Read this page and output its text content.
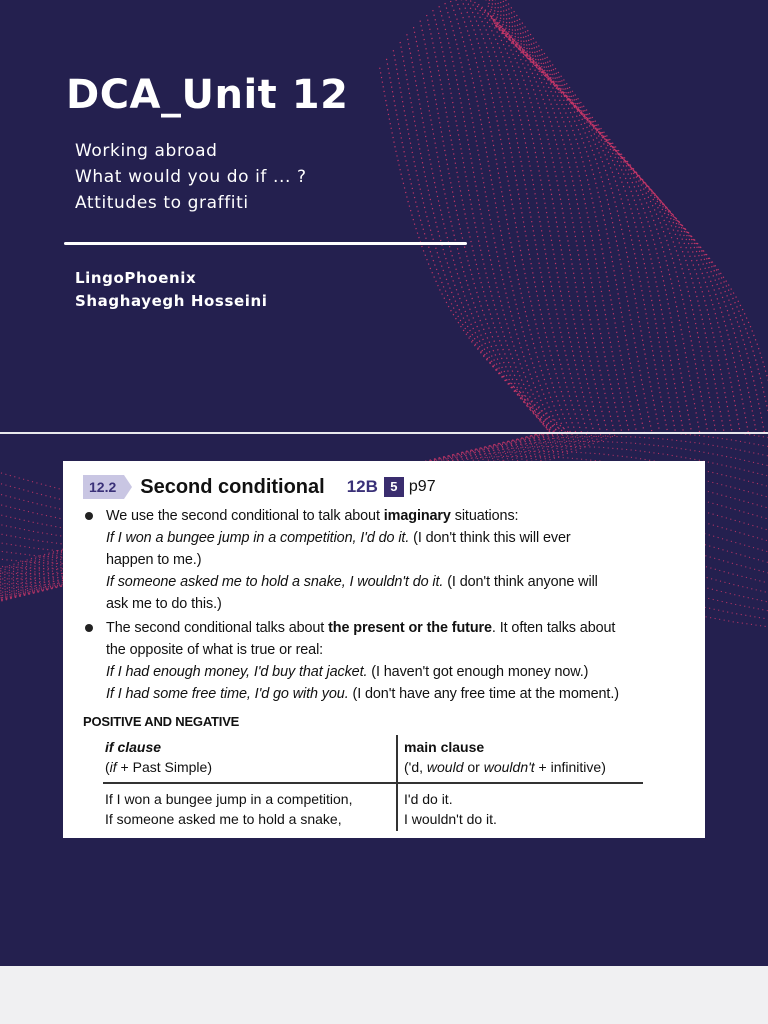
DCA_Unit 12
Working abroad
What would you do if ... ?
Attitudes to graffiti
LingoPhoenix
Shaghayegh Hosseini
12.2	Second conditional 12B 5 p97
We use the second conditional to talk about imaginary situations:
If I won a bungee jump in a competition, I'd do it. (I don't think this will ever
happen to me.)
If someone asked me to hold a snake, I wouldn't do it. (I don't think anyone will
ask me to do this.)
The second conditional talks about the present or the future. It often talks about
the opposite of what is true or real:
If I had enough money, I'd buy that jacket. (I haven't got enough money now.)
If I had some free time, I'd go with you. (I don't have any free time at the moment.)
POSITIVE AND NEGATIVE
if clause
(if + Past Simple)
main clause
('d, would or wouldn't + infinitive)
If I won a bungee jump in a competition,
If someone asked me to hold a snake,
I'd do it.
I wouldn't do it.
